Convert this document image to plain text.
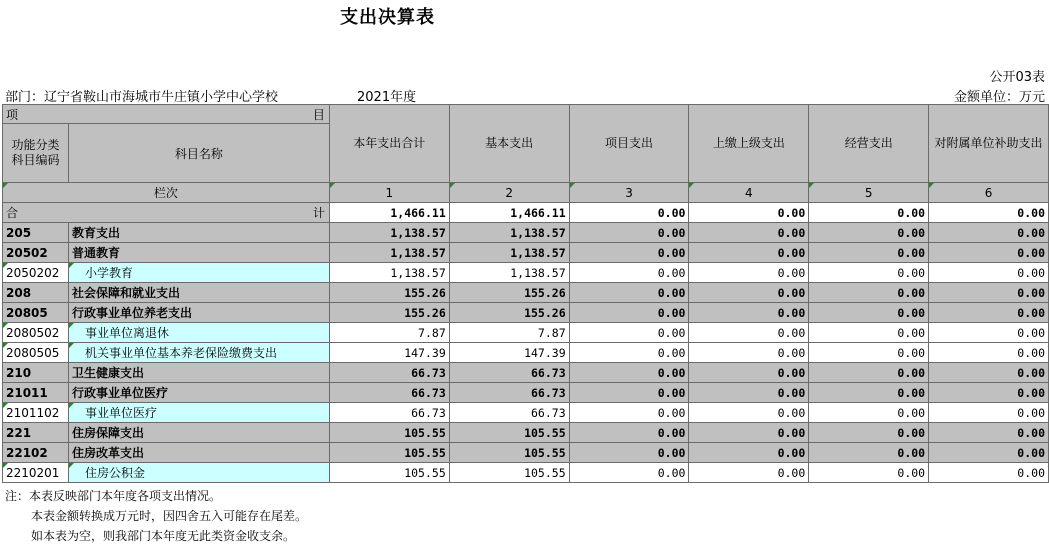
支出决算表
公开03表
部门：辽宁省鞍山市海城市牛庄镇小学中心学校	2021年度	金额单位：万元
项 目		本年支出合计	基本支出	项目支出	上缴上级支出	经营支出	对附属单位补助支出
功能分类科目编码	科目名称						
栏次		1	2	3	4	5	6
合 计		1,466.11	1,466.11	0.00	0.00	0.00	0.00
205	教育支出	1,138.57	1,138.57	0.00	0.00	0.00	0.00
20502	普通教育	1,138.57	1,138.57	0.00	0.00	0.00	0.00
2050202	小学教育	1,138.57	1,138.57	0.00	0.00	0.00	0.00
208	社会保障和就业支出	155.26	155.26	0.00	0.00	0.00	0.00
20805	行政事业单位养老支出	155.26	155.26	0.00	0.00	0.00	0.00
2080502	事业单位离退休	7.87	7.87	0.00	0.00	0.00	0.00
2080505	机关事业单位基本养老保险缴费支出	147.39	147.39	0.00	0.00	0.00	0.00
210	卫生健康支出	66.73	66.73	0.00	0.00	0.00	0.00
21011	行政事业单位医疗	66.73	66.73	0.00	0.00	0.00	0.00
2101102	事业单位医疗	66.73	66.73	0.00	0.00	0.00	0.00
221	住房保障支出	105.55	105.55	0.00	0.00	0.00	0.00
22102	住房改革支出	105.55	105.55	0.00	0.00	0.00	0.00
2210201	住房公积金	105.55	105.55	0.00	0.00	0.00	0.00
注：本表反映部门本年度各项支出情况。
本表金额转换成万元时，因四舍五入可能存在尾差。
如本表为空，则我部门本年度无此类资金收支余。
